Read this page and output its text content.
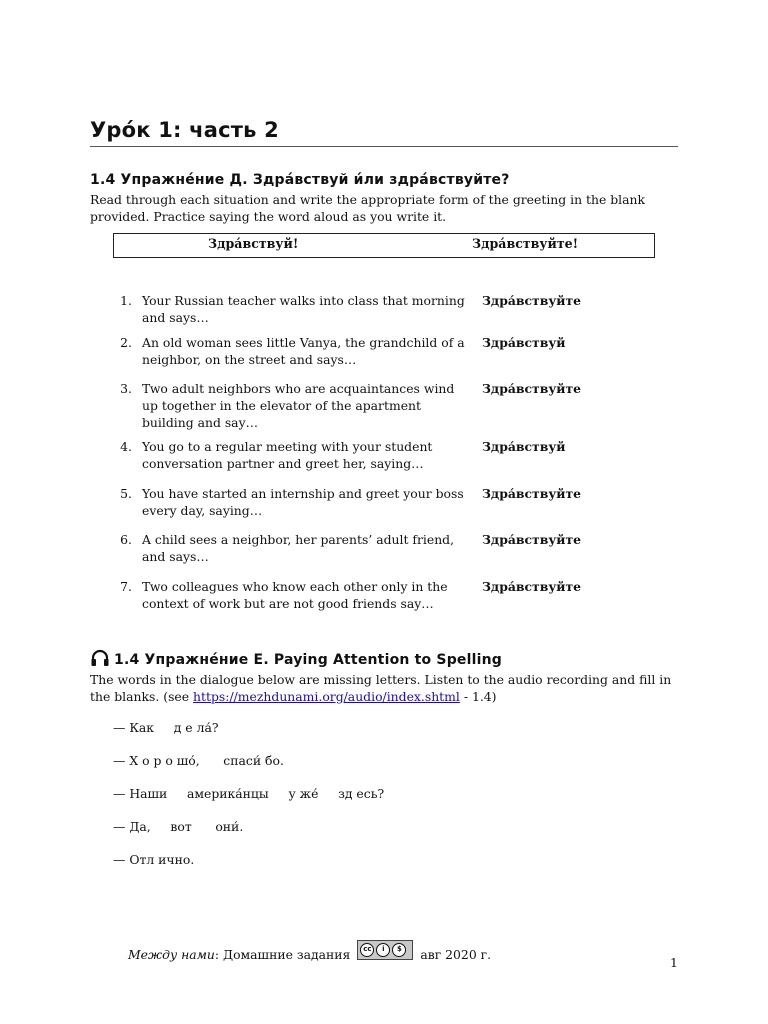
Уро́к 1: часть 2
1.4 Упражне́ние Д. Здра́вствуй и́ли здра́вствуйте?
Read through each situation and write the appropriate form of the greeting in the blank provided. Practice saying the word aloud as you write it.
Здра́вствуй!	Здра́вствуйте!
1. Your Russian teacher walks into class that morning and says…
Здра́вствуйте
2. An old woman sees little Vanya, the grandchild of a neighbor, on the street and says…
Здра́вствуй
3. Two adult neighbors who are acquaintances wind up together in the elevator of the apartment building and say…
Здра́вствуйте
4. You go to a regular meeting with your student conversation partner and greet her, saying…
Здра́вствуй
5. You have started an internship and greet your boss every day, saying…
Здра́вствуйте
6. A child sees a neighbor, her parents’ adult friend, and says…
Здра́вствуйте
7. Two colleagues who know each other only in the context of work but are not good friends say…
Здра́вствуйте
1.4 Упражне́ние Е. Paying Attention to Spelling
The words in the dialogue below are missing letters. Listen to the audio recording and fill in the blanks. (see https://mezhdunami.org/audio/index.shtml - 1.4)
— Как     д е ла́?
— Х о р о шо́,      спаси́ бо.
— Наши     америка́нцы     у же́     зд есь?
— Да,     вот      они́.
— Отл ично.
Между нами : Домашние задания	cc	i	$	авг 2020 г.
1
